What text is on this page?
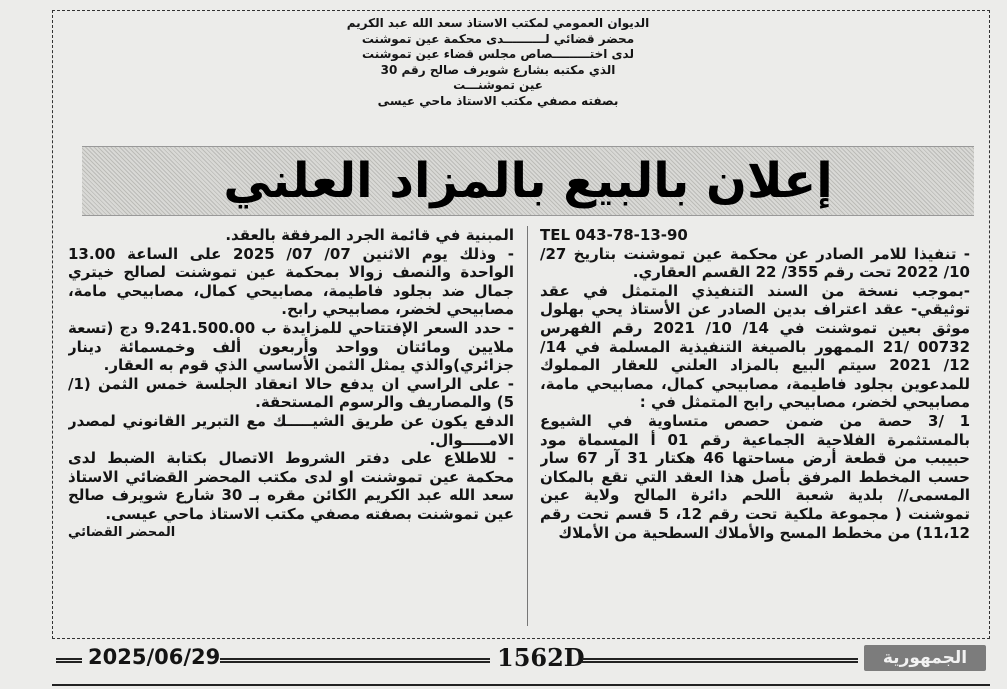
الديوان العمومي لمكتب الاستاذ سعد الله عبد الكريم
محضر قضائي لــــــــــدى محكمة عين تموشنت
لدى اختـــــــــصاص مجلس قضاء عين تموشنت
الذي مكتبه بشارع شويرف صالح رقم 30
عين تموشنـــت
بصفته مصفي مكتب الاستاذ ماحي عيسى
إعلان بالبيع بالمزاد العلني

TEL 043-78-13-90

- تنفيذا للامر الصادر عن محكمة عين تموشنت بتاريخ 27/ 10/ 2022 تحت رقم 355/ 22 القسم العقاري.

-بموجب نسخة من السند التنفيذي المتمثل في عقد توثيقي- عقد اعتراف بدين الصادر عن الأستاذ يحي بهلول موثق بعين تموشنت في 14/ 10/ 2021 رقم الفهرس 00732 /21 الممهور بالصيغة التنفيذية المسلمة في 14/ 12/ 2021 سيتم البيع بالمزاد العلني للعقار المملوك للمدعوين بجلود فاطيمة، مصابيحي كمال، مصابيحي مامة، مصابيحي لخضر، مصابيحي رابح المتمثل في :

1 /3 حصة من ضمن حصص متساوية في الشيوع بالمستثمرة الفلاحية الجماعية رقم 01 أ المسماة مود حبيبب من قطعة أرض مساحتها 46 هكتار 31 آر 67 سار حسب المخطط المرفق بأصل هذا العقد التي تقع بالمكان المسمى// بلدية شعبة اللحم دائرة المالح ولاية عين تموشنت ( مجموعة ملكية تحت رقم 12، 5 قسم تحت رقم 11،12) من مخطط المسح والأملاك السطحية من الأملاك

المبنية في قائمة الجرد المرفقة بالعقد.

- وذلك يوم الاثنين 07/ 07/ 2025 على الساعة 13.00 الواحدة والنصف زوالا بمحكمة عين تموشنت لصالح خيتري جمال ضد بجلود فاطيمة، مصابيحي كمال، مصابيحي مامة، مصابيحي لخضر، مصابيحي رابح.

- حدد السعر الإفتتاحي للمزايدة ب 9.241.500.00 دج (تسعة ملايين ومائتان وواحد وأربعون ألف وخمسمائة دينار جزائري)والذي يمثل الثمن الأساسي الذي قوم به العقار.

- على الراسي ان يدفع حالا انعقاد الجلسة خمس الثمن (1/ 5) والمصاريف والرسوم المستحقة.

الدفع يكون عن طريق الشيـــــك مع التبرير القانوني لمصدر الامـــــوال.

- للاطلاع على دفتر الشروط الاتصال بكتابة الضبط لدى محكمة عين تموشنت او لدى مكتب المحضر القضائي الاستاذ سعد الله عبد الكريم الكائن مقره بـ 30 شارع شويرف صالح عين تموشنت بصفته مصفي مكتب الاستاذ ماحي عيسى.

المحضر القضائي

2025/06/29	1562D	الجمهورية
